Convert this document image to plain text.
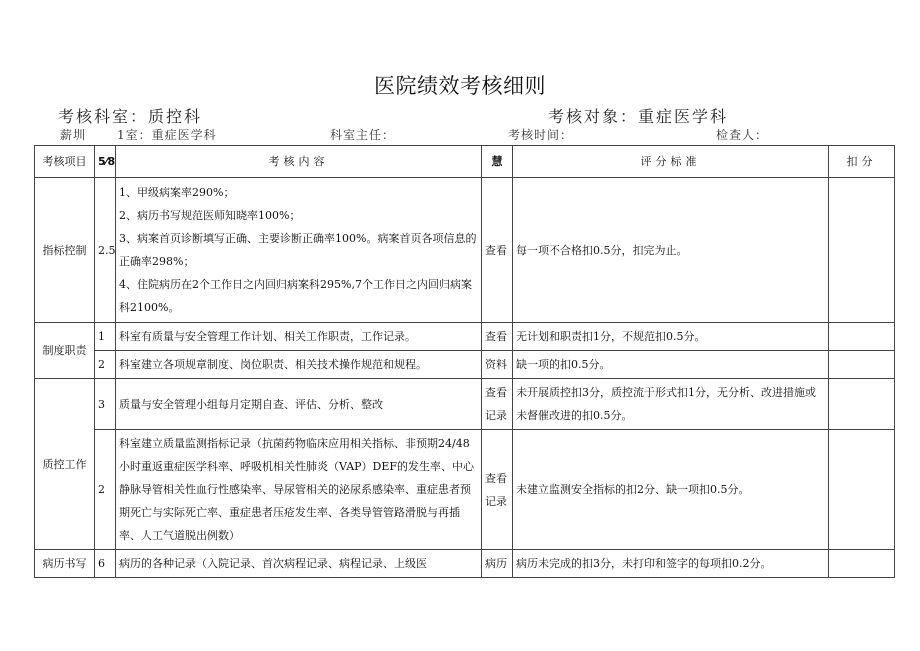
医院绩效考核细则
考核科室：质控科	考核对象：重症医学科
薪圳	1室：重症医学科	科室主任：	考核时间：	检查人：
考核项目	5⁄8	考核内容	慧	评分标准	扣分
指标控制	2.5	1、甲级病案率290%；
2、病历书写规范医师知晓率100%；
3、病案首页诊断填写正确、主要诊断正确率100%。病案首页各项信息的正确率298%；
4、住院病历在2个工作日之内回归病案科295%,7个工作日之内回归病案科2100%。	查看	每一项不合格扣0.5分，扣完为止。	
制度职责	1	科室有质量与安全管理工作计划、相关工作职责，工作记录。	查看	无计划和职责扣1分，不规范扣0.5分。	
	2	科室建立各项规章制度、岗位职责、相关技术操作规范和规程。	资料	缺一项的扣0.5分。	
质控工作	3	质量与安全管理小组每月定期自查、评估、分析、整改	查看记录	未开展质控扣3分，质控流于形式扣1分，无分析、改进措施或未督催改进的扣0.5分。	
	2	科室建立质量监测指标记录（抗菌药物临床应用相关指标、非预期24/48小时重返重症医学科率、呼吸机相关性肺炎（VAP）DEF的发生率、中心静脉导管相关性血行性感染率、导尿管相关的泌尿系感染率、重症患者预期死亡与实际死亡率、重症患者压疮发生率、各类导管管路滑脱与再插率、人工气道脱出例数）	查看记录	未建立监测安全指标的扣2分、缺一项扣0.5分。	
病历书写	6	病历的各种记录（入院记录、首次病程记录、病程记录、上级医	病历	病历未完成的扣3分，未打印和签字的每项扣0.2分。	
